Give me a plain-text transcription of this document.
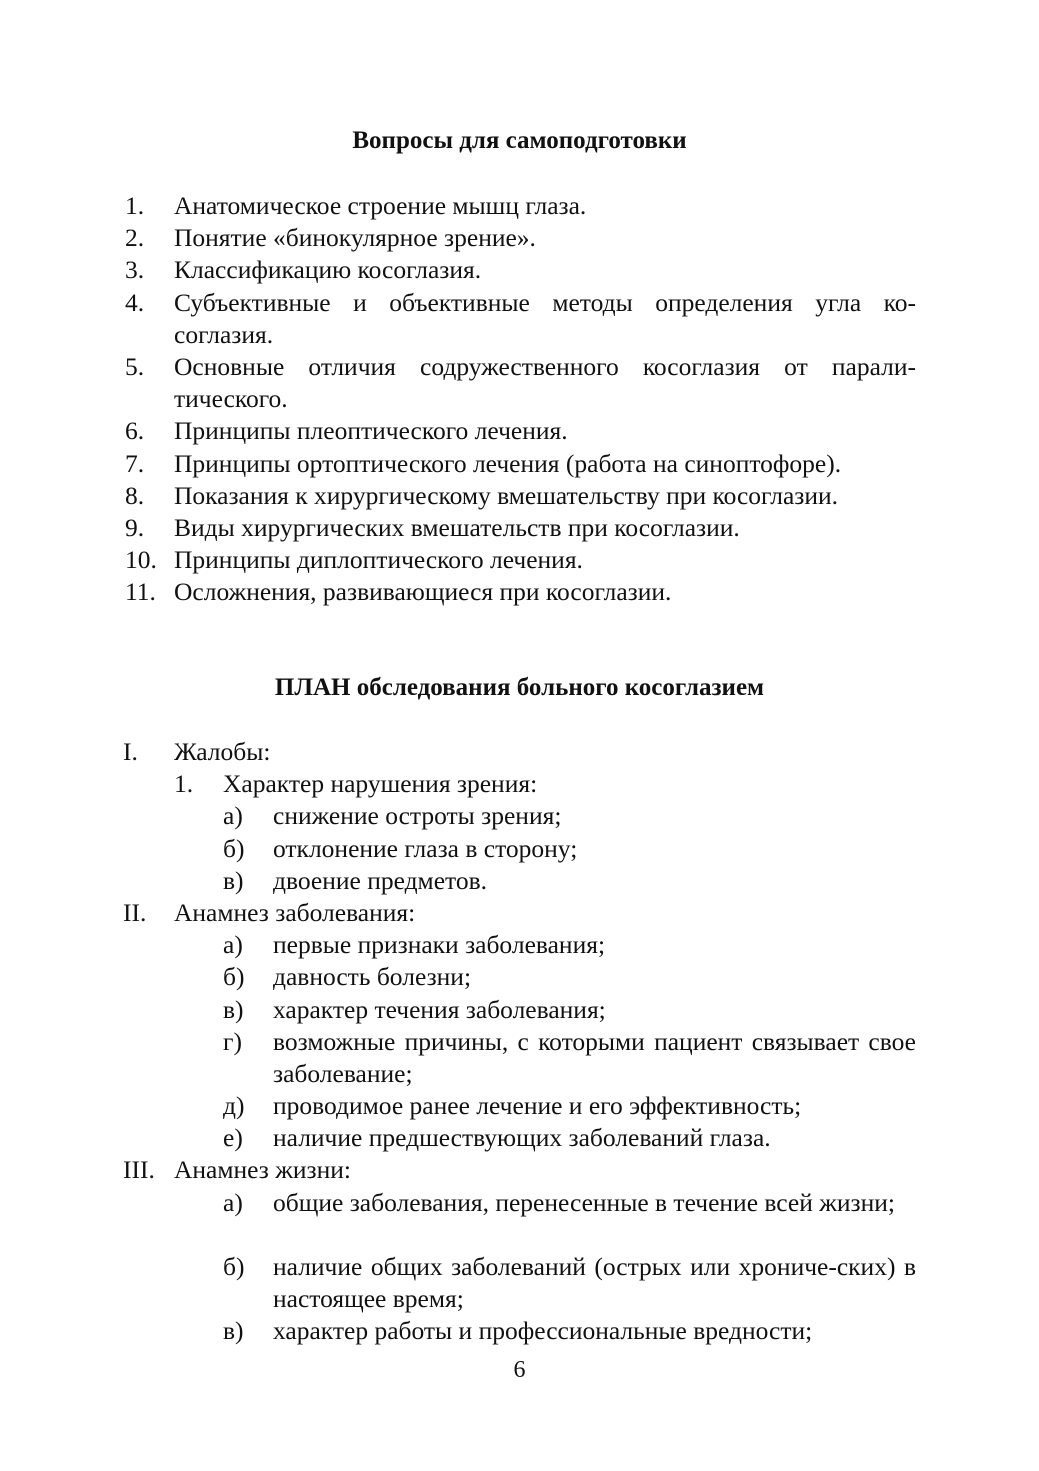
Вопросы для самоподготовки
1. Анатомическое строение мышц глаза.
2. Понятие «бинокулярное зрение».
3. Классификацию косоглазия.
4. Субъективные и объективные методы определения угла ко-соглазия.
5. Основные отличия содружественного косоглазия от парали-тического.
6. Принципы плеоптического лечения.
7. Принципы ортоптического лечения (работа на синоптофоре).
8. Показания к хирургическому вмешательству при косоглазии.
9. Виды хирургических вмешательств при косоглазии.
10. Принципы диплоптического лечения.
11. Осложнения, развивающиеся при косоглазии.
ПЛАН обследования больного косоглазием
I. Жалобы:
1. Характер нарушения зрения:
а) снижение остроты зрения;
б) отклонение глаза в сторону;
в) двоение предметов.
II. Анамнез заболевания:
а) первые признаки заболевания;
б) давность болезни;
в) характер течения заболевания;
г) возможные причины, с которыми пациент связывает свое заболевание;
д) проводимое ранее лечение и его эффективность;
е) наличие предшествующих заболеваний глаза.
III. Анамнез жизни:
а) общие заболевания, перенесенные в течение всей жизни;
б) наличие общих заболеваний (острых или хрониче-ских) в настоящее время;
в) характер работы и профессиональные вредности;
6
